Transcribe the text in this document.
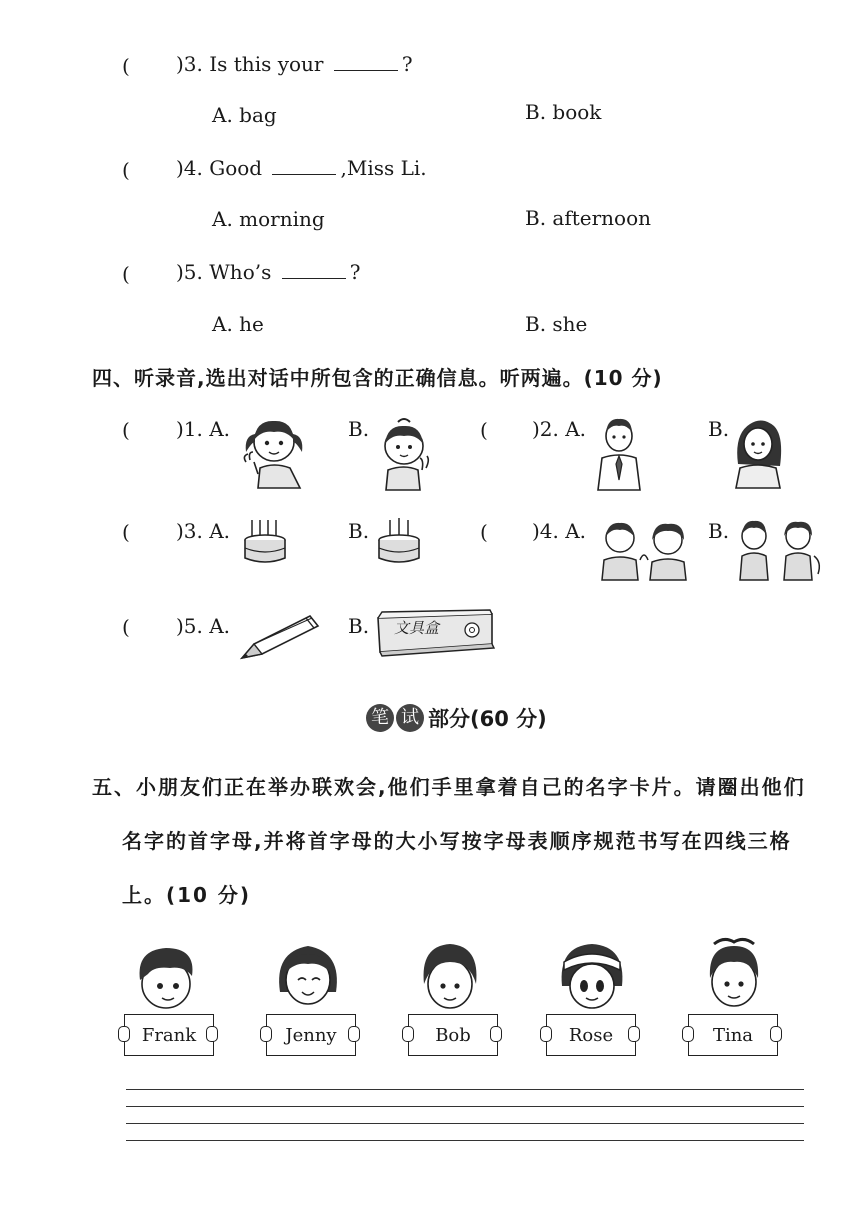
( )3. Is this your	?
A. bag	B. book
( )4. Good	,Miss Li.
A. morning	B. afternoon
( )5. Who’s	?
A. he	B. she
四、听录音,选出对话中所包含的正确信息。听两遍。(10 分)
( )1. A.	B.	( )2. A.	B.
( )3. A.	B.	( )4. A.	B.
( )5. A.	B. 文具盒
笔 试 部分(60 分)
五、小朋友们正在举办联欢会,他们手里拿着自己的名字卡片。请圈出他们
名字的首字母,并将首字母的大小写按字母表顺序规范书写在四线三格
上。(10 分)
Frank	Jenny	Bob	Rose	Tina
